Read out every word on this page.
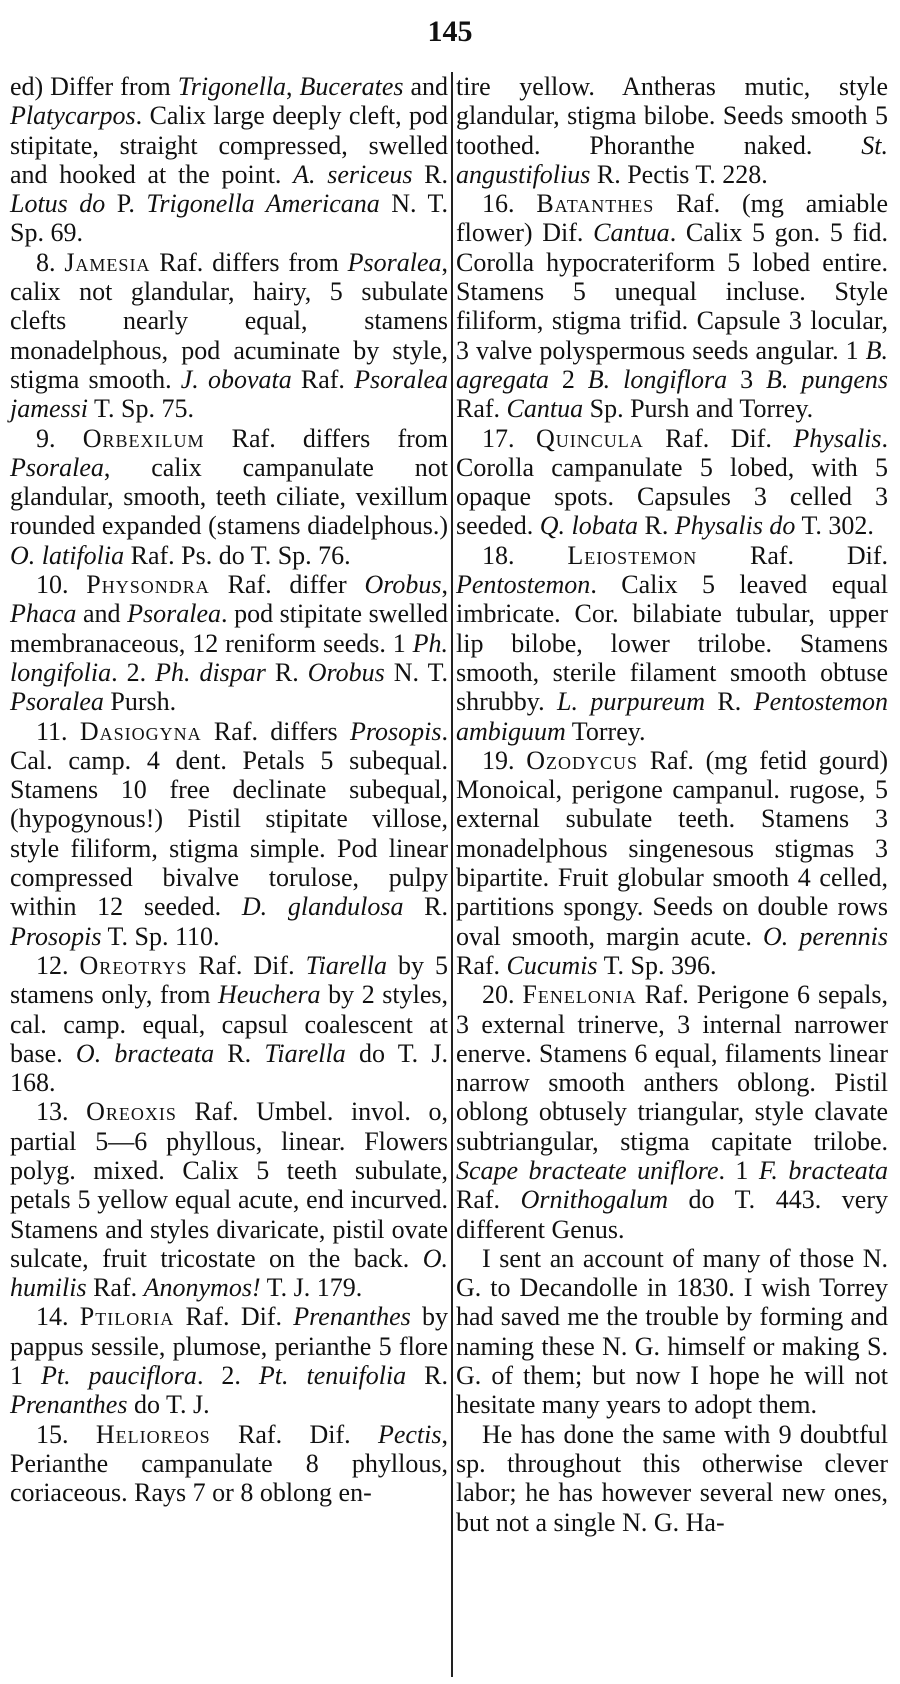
145

ed) Differ from Trigonella, Bucerates and Platycarpos. Calix large deeply cleft, pod stipitate, straight compressed, swelled and hooked at the point. A. sericeus R. Lotus do P. Trigonella Americana N. T. Sp. 69.

8. Jamesia Raf. differs from Psoralea, calix not glandular, hairy, 5 subulate clefts nearly equal, stamens monadelphous, pod acuminate by style, stigma smooth. J. obovata Raf. Psoralea jamessi T. Sp. 75.

9. Orbexilum Raf. differs from Psoralea, calix campanulate not glandular, smooth, teeth ciliate, vexillum rounded expanded (stamens diadelphous.) O. latifolia Raf. Ps. do T. Sp. 76.

10. Physondra Raf. differ Orobus, Phaca and Psoralea. pod stipitate swelled membranaceous, 12 reniform seeds. 1 Ph. longifolia. 2. Ph. dispar R. Orobus N. T. Psoralea Pursh.

11. Dasiogyna Raf. differs Prosopis. Cal. camp. 4 dent. Petals 5 subequal. Stamens 10 free declinate subequal, (hypogynous!) Pistil stipitate villose, style filiform, stigma simple. Pod linear compressed bivalve torulose, pulpy within 12 seeded. D. glandulosa R. Prosopis T. Sp. 110.

12. Oreotrys Raf. Dif. Tiarella by 5 stamens only, from Heuchera by 2 styles, cal. camp. equal, capsul coalescent at base. O. bracteata R. Tiarella do T. J. 168.

13. Oreoxis Raf. Umbel. invol. o, partial 5—6 phyllous, linear. Flowers polyg. mixed. Calix 5 teeth subulate, petals 5 yellow equal acute, end incurved. Stamens and styles divaricate, pistil ovate sulcate, fruit tricostate on the back. O. humilis Raf. Anonymos! T. J. 179.

14. Ptiloria Raf. Dif. Prenanthes by pappus sessile, plumose, perianthe 5 flore 1 Pt. pauciflora. 2. Pt. tenuifolia R. Prenanthes do T. J.

15. Helioreos Raf. Dif. Pectis, Perianthe campanulate 8 phyllous, coriaceous. Rays 7 or 8 oblong en-

tire yellow. Antheras mutic, style glandular, stigma bilobe. Seeds smooth 5 toothed. Phoranthe naked. St. angustifolius R. Pectis T. 228.

16. Batanthes Raf. (mg amiable flower) Dif. Cantua. Calix 5 gon. 5 fid. Corolla hypocrateriform 5 lobed entire. Stamens 5 unequal incluse. Style filiform, stigma trifid. Capsule 3 locular, 3 valve polyspermous seeds angular. 1 B. agregata 2 B. longiflora 3 B. pungens Raf. Cantua Sp. Pursh and Torrey.

17. Quincula Raf. Dif. Physalis. Corolla campanulate 5 lobed, with 5 opaque spots. Capsules 3 celled 3 seeded. Q. lobata R. Physalis do T. 302.

18. Leiostemon Raf. Dif. Pentostemon. Calix 5 leaved equal imbricate. Cor. bilabiate tubular, upper lip bilobe, lower trilobe. Stamens smooth, sterile filament smooth obtuse shrubby. L. purpureum R. Pentostemon ambiguum Torrey.

19. Ozodycus Raf. (mg fetid gourd) Monoical, perigone campanul. rugose, 5 external subulate teeth. Stamens 3 monadelphous singenesous stigmas 3 bipartite. Fruit globular smooth 4 celled, partitions spongy. Seeds on double rows oval smooth, margin acute. O. perennis Raf. Cucumis T. Sp. 396.

20. Fenelonia Raf. Perigone 6 sepals, 3 external trinerve, 3 internal narrower enerve. Stamens 6 equal, filaments linear narrow smooth anthers oblong. Pistil oblong obtusely triangular, style clavate subtriangular, stigma capitate trilobe. Scape bracteate uniflore. 1 F. bracteata Raf. Ornithogalum do T. 443. very different Genus.

I sent an account of many of those N. G. to Decandolle in 1830. I wish Torrey had saved me the trouble by forming and naming these N. G. himself or making S. G. of them; but now I hope he will not hesitate many years to adopt them.

He has done the same with 9 doubtful sp. throughout this otherwise clever labor; he has however several new ones, but not a single N. G. Ha-
